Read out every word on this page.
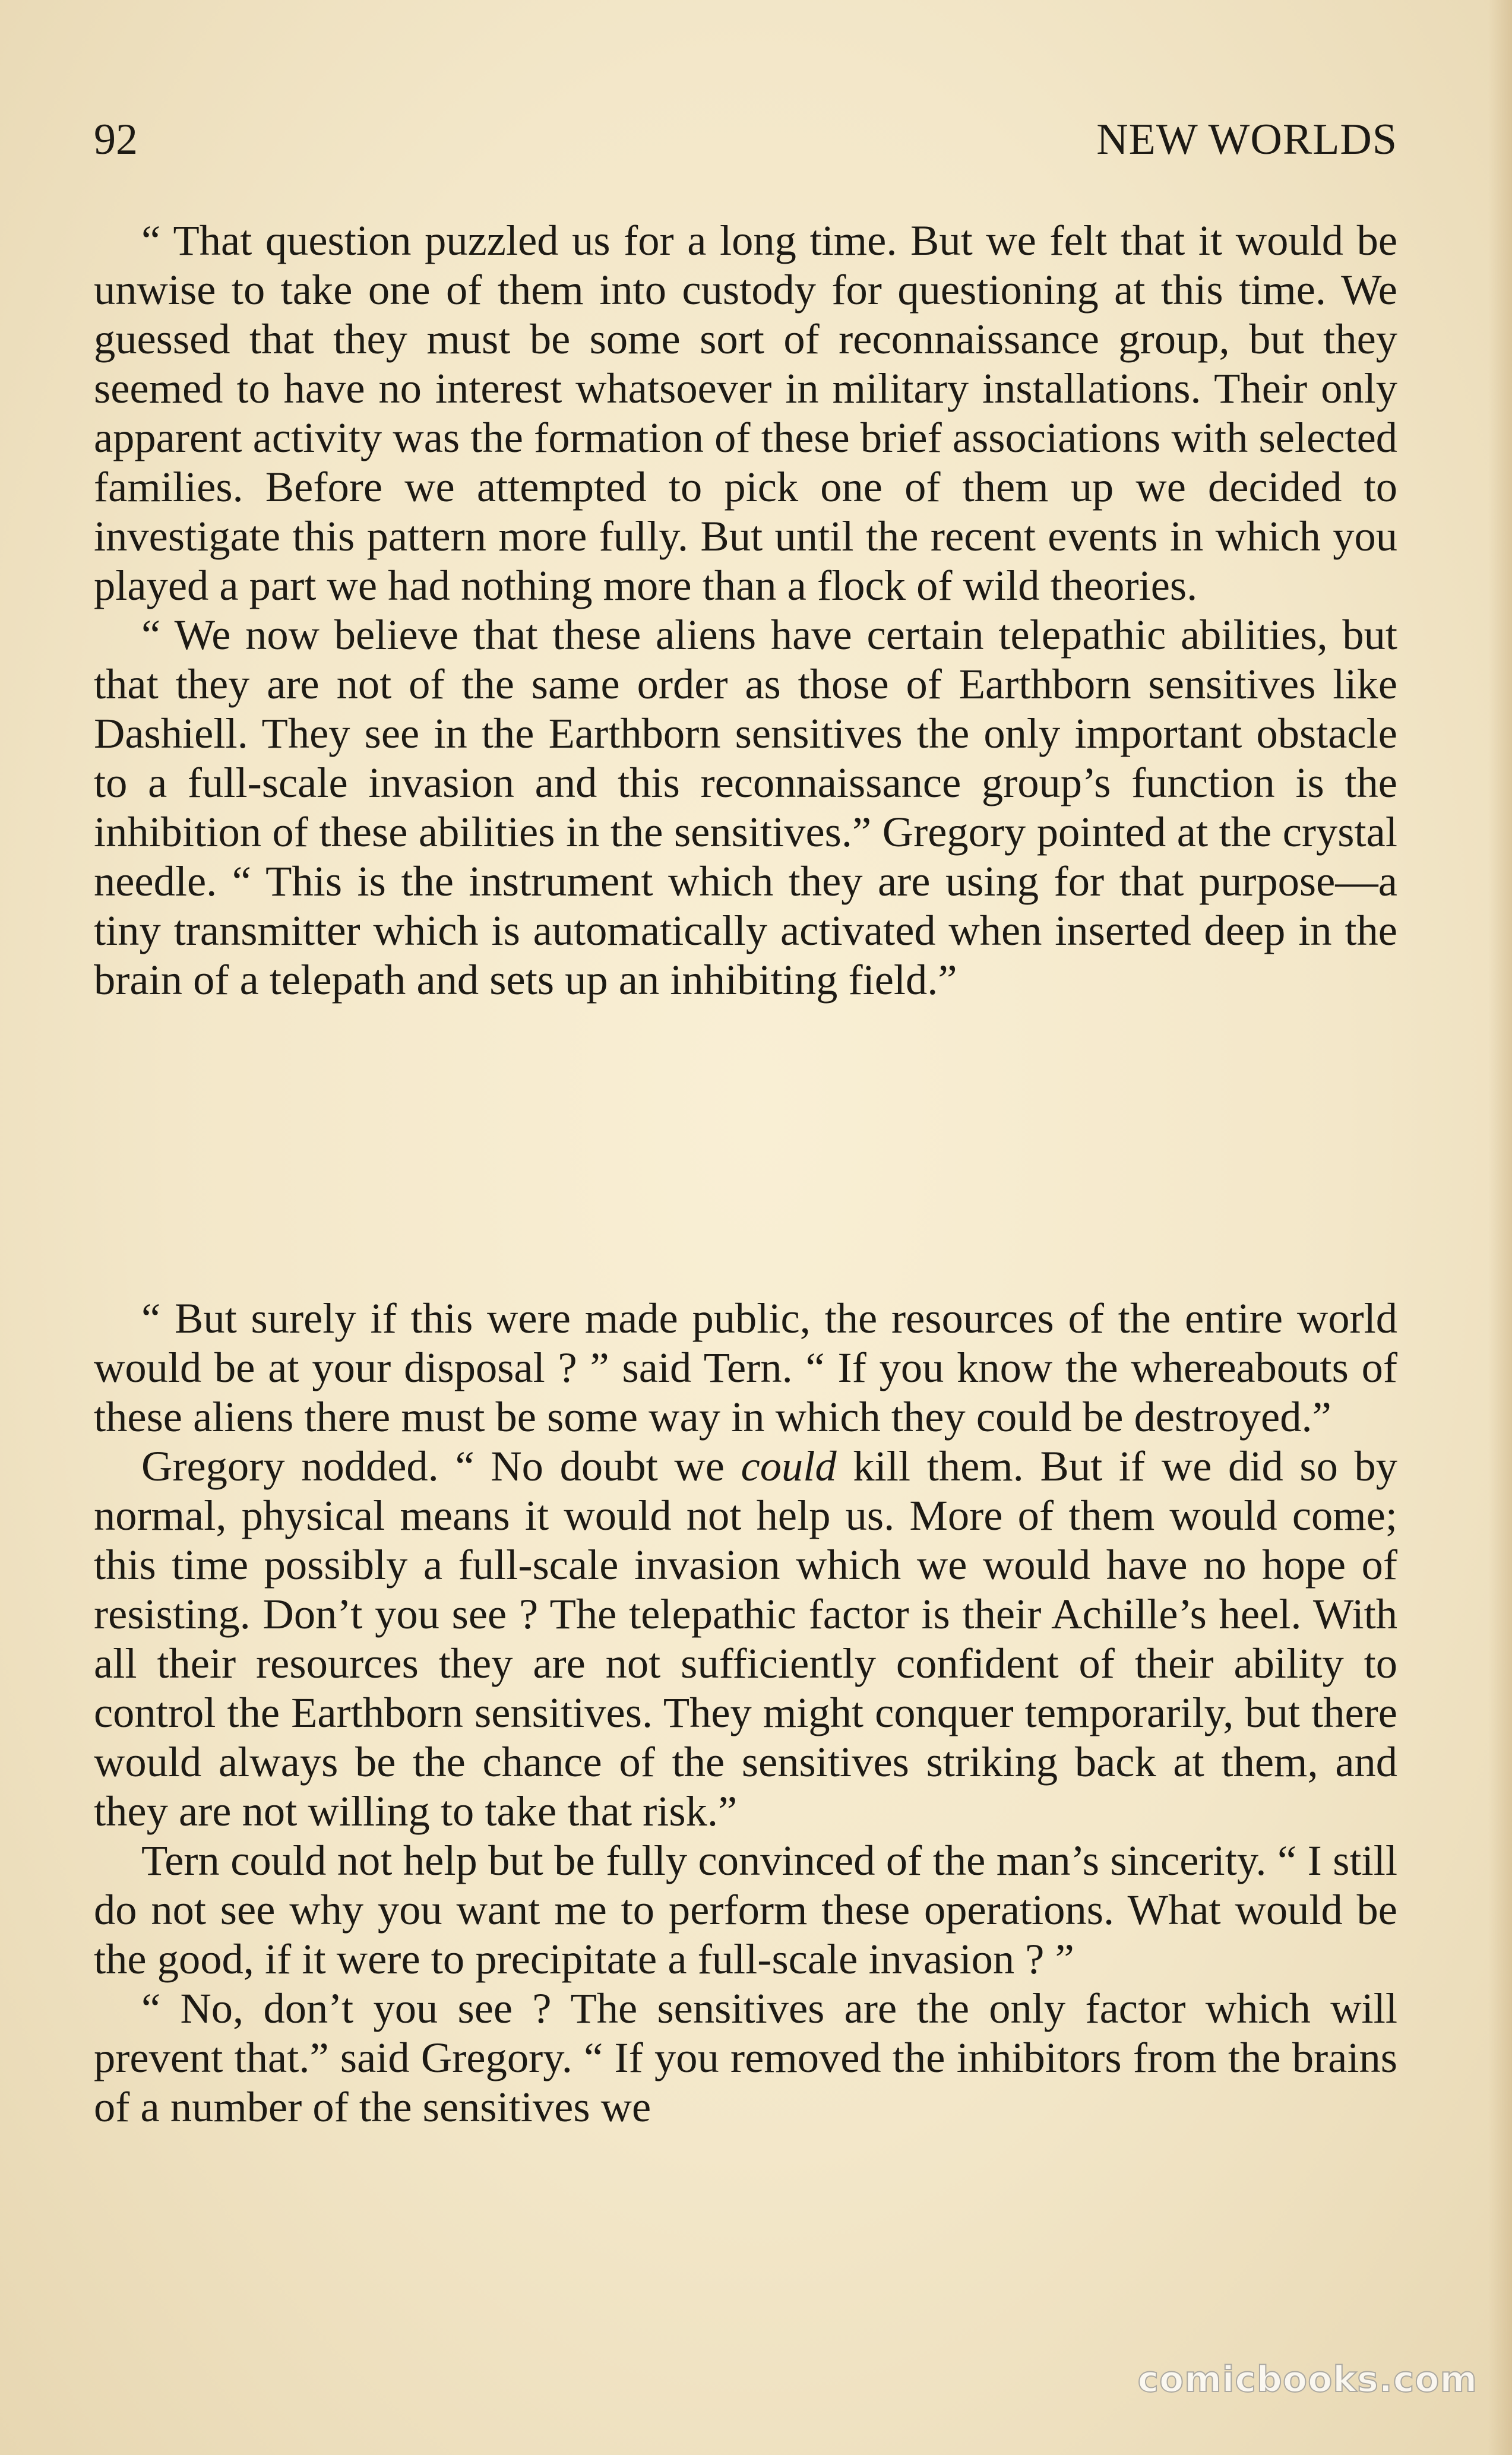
92	NEW WORLDS

“ That question puzzled us for a long time. But we felt that it would be unwise to take one of them into custody for questioning at this time. We guessed that they must be some sort of reconnaissance group, but they seemed to have no interest whatsoever in military installations. Their only apparent activity was the formation of these brief associations with selected families. Before we attempted to pick one of them up we decided to investigate this pattern more fully. But until the recent events in which you played a part we had nothing more than a flock of wild theories.

“ We now believe that these aliens have certain telepathic abilities, but that they are not of the same order as those of Earthborn sensitives like Dashiell. They see in the Earthborn sensitives the only important obstacle to a full-scale invasion and this reconnaissance group’s function is the inhibition of these abilities in the sensitives.” Gregory pointed at the crystal needle. “ This is the instrument which they are using for that purpose—a tiny transmitter which is automatically activated when inserted deep in the brain of a telepath and sets up an inhibiting field.”

“ But surely if this were made public, the resources of the entire world would be at your disposal ? ” said Tern. “ If you know the whereabouts of these aliens there must be some way in which they could be destroyed.”

Gregory nodded. “ No doubt we could kill them. But if we did so by normal, physical means it would not help us. More of them would come; this time possibly a full-scale invasion which we would have no hope of resisting. Don’t you see ? The telepathic factor is their Achille’s heel. With all their resources they are not sufficiently confident of their ability to control the Earthborn sensitives. They might conquer temporarily, but there would always be the chance of the sensitives striking back at them, and they are not willing to take that risk.”

Tern could not help but be fully convinced of the man’s sincerity. “ I still do not see why you want me to perform these operations. What would be the good, if it were to precipitate a full-scale invasion ? ”

“ No, don’t you see ? The sensitives are the only factor which will prevent that.” said Gregory. “ If you removed the inhibitors from the brains of a number of the sensitives we

comicbooks.com
